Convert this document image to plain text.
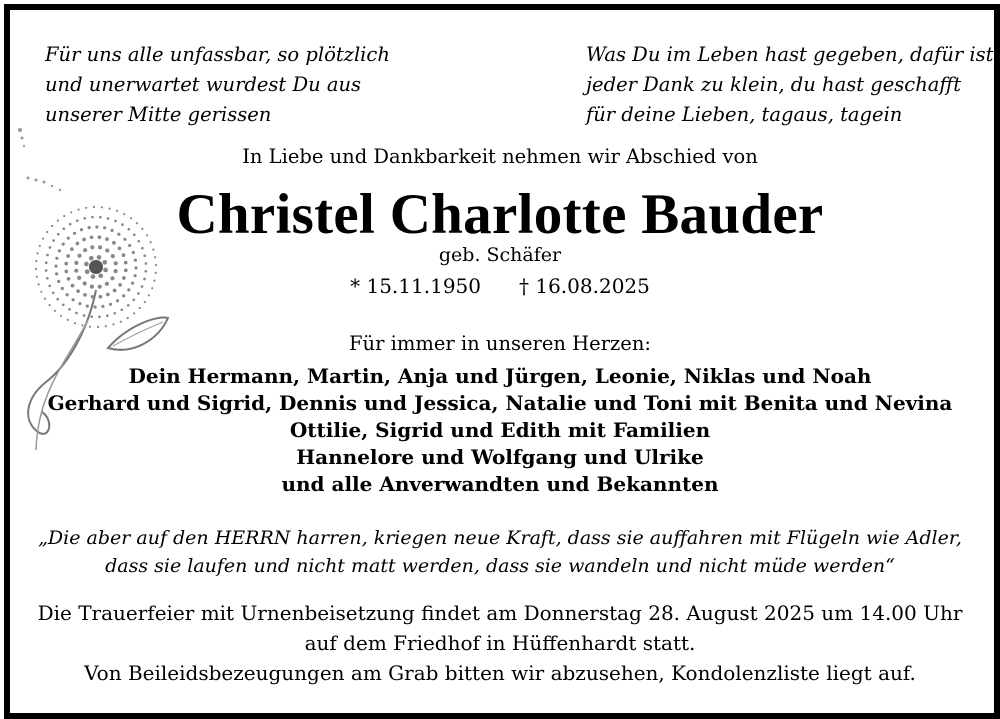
Für uns alle unfassbar, so plötzlich
und unerwartet wurdest Du aus
unserer Mitte gerissen
Was Du im Leben hast gegeben, dafür ist
jeder Dank zu klein, du hast geschafft
für deine Lieben, tagaus, tagein
In Liebe und Dankbarkeit nehmen wir Abschied von
Christel Charlotte Bauder
geb. Schäfer
* 15.11.1950 † 16.08.2025
Für immer in unseren Herzen:
Dein Hermann, Martin, Anja und Jürgen, Leonie, Niklas und Noah
Gerhard und Sigrid, Dennis und Jessica, Natalie und Toni mit Benita und Nevina
Ottilie, Sigrid und Edith mit Familien
Hannelore und Wolfgang und Ulrike
und alle Anverwandten und Bekannten
„Die aber auf den HERRN harren, kriegen neue Kraft, dass sie auffahren mit Flügeln wie Adler,
dass sie laufen und nicht matt werden, dass sie wandeln und nicht müde werden“
Die Trauerfeier mit Urnenbeisetzung findet am Donnerstag 28. August 2025 um 14.00 Uhr
auf dem Friedhof in Hüffenhardt statt.
Von Beileidsbezeugungen am Grab bitten wir abzusehen, Kondolenzliste liegt auf.
